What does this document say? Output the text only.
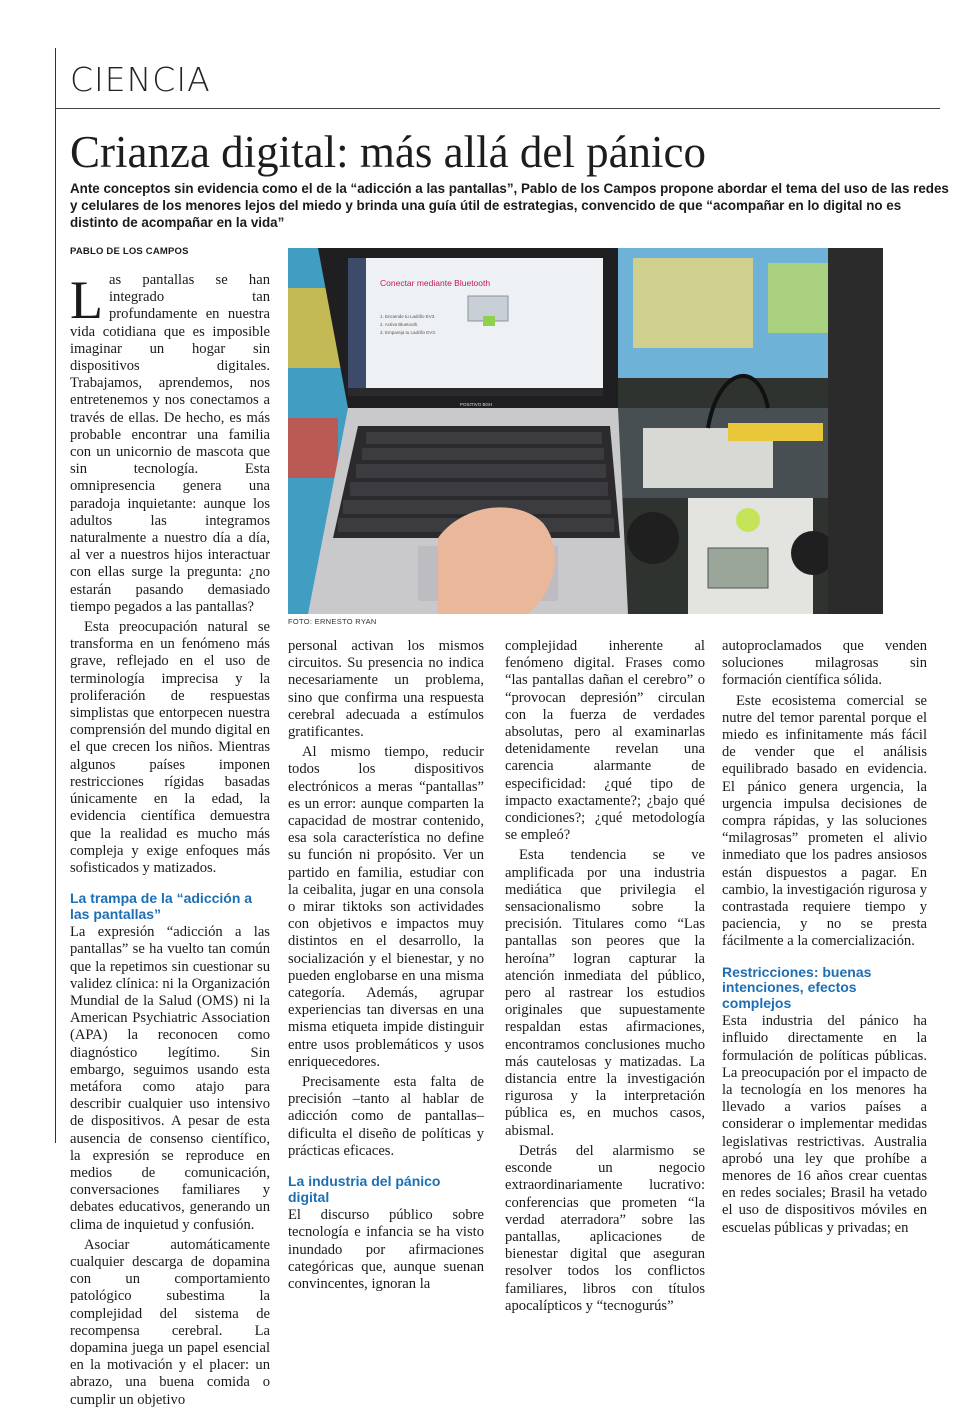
CIENCIA
Crianza digital: más allá del pánico
Ante conceptos sin evidencia como el de la “adicción a las pantallas”, Pablo de los Campos propone abordar el tema del uso de las redes y celulares de los menores lejos del miedo y brinda una guía útil de estrategias, convencido de que “acompañar en lo digital no es distinto de acompañar en la vida”
PABLO DE LOS CAMPOS
Conectar mediante Bluetooth
1. Enciende tu Ladrillo EV3.
2. Activa Bluetooth.
3. Empareja tu Ladrillo EV3.
POSITIVO BGH
FOTO: ERNESTO RYAN

Las pantallas se han integrado tan profundamente en nuestra vida cotidiana que es imposible imaginar un hogar sin dispositivos digitales. Trabajamos, aprendemos, nos entretenemos y nos conectamos a través de ellas. De hecho, es más probable encontrar una familia con un unicornio de mascota que sin tecnología. Esta omnipresencia genera una paradoja inquietante: aunque los adultos las integramos naturalmente a nuestro día a día, al ver a nuestros hijos interactuar con ellas surge la pregunta: ¿no estarán pasando demasiado tiempo pegados a las pantallas?

Esta preocupación natural se transforma en un fenómeno más grave, reflejado en el uso de terminología imprecisa y la proliferación de respuestas simplistas que entorpecen nuestra comprensión del mundo digital en el que crecen los niños. Mientras algunos países imponen restricciones rígidas basadas únicamente en la edad, la evidencia científica demuestra que la realidad es mucho más compleja y exige enfoques más sofisticados y matizados.

La trampa de la “adicción a las pantallas”

La expresión “adicción a las pantallas” se ha vuelto tan común que la repetimos sin cuestionar su validez clínica: ni la Organización Mundial de la Salud (OMS) ni la American Psychiatric Association (APA) la reconocen como diagnóstico legítimo. Sin embargo, seguimos usando esta metáfora como atajo para describir cualquier uso intensivo de dispositivos. A pesar de esta ausencia de consenso científico, la expresión se reproduce en medios de comunicación, conversaciones familiares y debates educativos, generando un clima de inquietud y confusión.

Asociar automáticamente cualquier descarga de dopamina con un comportamiento patológico subestima la complejidad del sistema de recompensa cerebral. La dopamina juega un papel esencial en la motivación y el placer: un abrazo, una buena comida o cumplir un objetivo

personal activan los mismos circuitos. Su presencia no indica necesariamente un problema, sino que confirma una respuesta cerebral adecuada a estímulos gratificantes.

Al mismo tiempo, reducir todos los dispositivos electrónicos a meras “pantallas” es un error: aunque comparten la capacidad de mostrar contenido, esa sola característica no define su función ni propósito. Ver un partido en familia, estudiar con la ceibalita, jugar en una consola o mirar tiktoks son actividades con objetivos e impactos muy distintos en el desarrollo, la socialización y el bienestar, y no pueden englobarse en una misma categoría. Además, agrupar experiencias tan diversas en una misma etiqueta impide distinguir entre usos problemáticos y usos enriquecedores.

Precisamente esta falta de precisión –tanto al hablar de adicción como de pantallas– dificulta el diseño de políticas y prácticas eficaces.

La industria del pánico digital

El discurso público sobre tecnología e infancia se ha visto inundado por afirmaciones categóricas que, aunque suenan convincentes, ignoran la

complejidad inherente al fenómeno digital. Frases como “las pantallas dañan el cerebro” o “provocan depresión” circulan con la fuerza de verdades absolutas, pero al examinarlas detenidamente revelan una carencia alarmante de especificidad: ¿qué tipo de impacto exactamente?; ¿bajo qué condiciones?; ¿qué metodología se empleó?

Esta tendencia se ve amplificada por una industria mediática que privilegia el sensacionalismo sobre la precisión. Titulares como “Las pantallas son peores que la heroína” logran capturar la atención inmediata del público, pero al rastrear los estudios originales que supuestamente respaldan estas afirmaciones, encontramos conclusiones mucho más cautelosas y matizadas. La distancia entre la investigación rigurosa y la interpretación pública es, en muchos casos, abismal.

Detrás del alarmismo se esconde un negocio extraordinariamente lucrativo: conferencias que prometen “la verdad aterradora” sobre las pantallas, aplicaciones de bienestar digital que aseguran resolver todos los conflictos familiares, libros con títulos apocalípticos y “tecnogurús”

autoproclamados que venden soluciones milagrosas sin formación científica sólida.

Este ecosistema comercial se nutre del temor parental porque el miedo es infinitamente más fácil de vender que el análisis equilibrado basado en evidencia. El pánico genera urgencia, la urgencia impulsa decisiones de compra rápidas, y las soluciones “milagrosas” prometen el alivio inmediato que los padres ansiosos están dispuestos a pagar. En cambio, la investigación rigurosa y contrastada requiere tiempo y paciencia, y no se presta fácilmente a la comercialización.

Restricciones: buenas intenciones, efectos complejos

Esta industria del pánico ha influido directamente en la formulación de políticas públicas. La preocupación por el impacto de la tecnología en los menores ha llevado a varios países a considerar o implementar medidas legislativas restrictivas. Australia aprobó una ley que prohíbe a menores de 16 años crear cuentas en redes sociales; Brasil ha vetado el uso de dispositivos móviles en escuelas públicas y privadas; en
